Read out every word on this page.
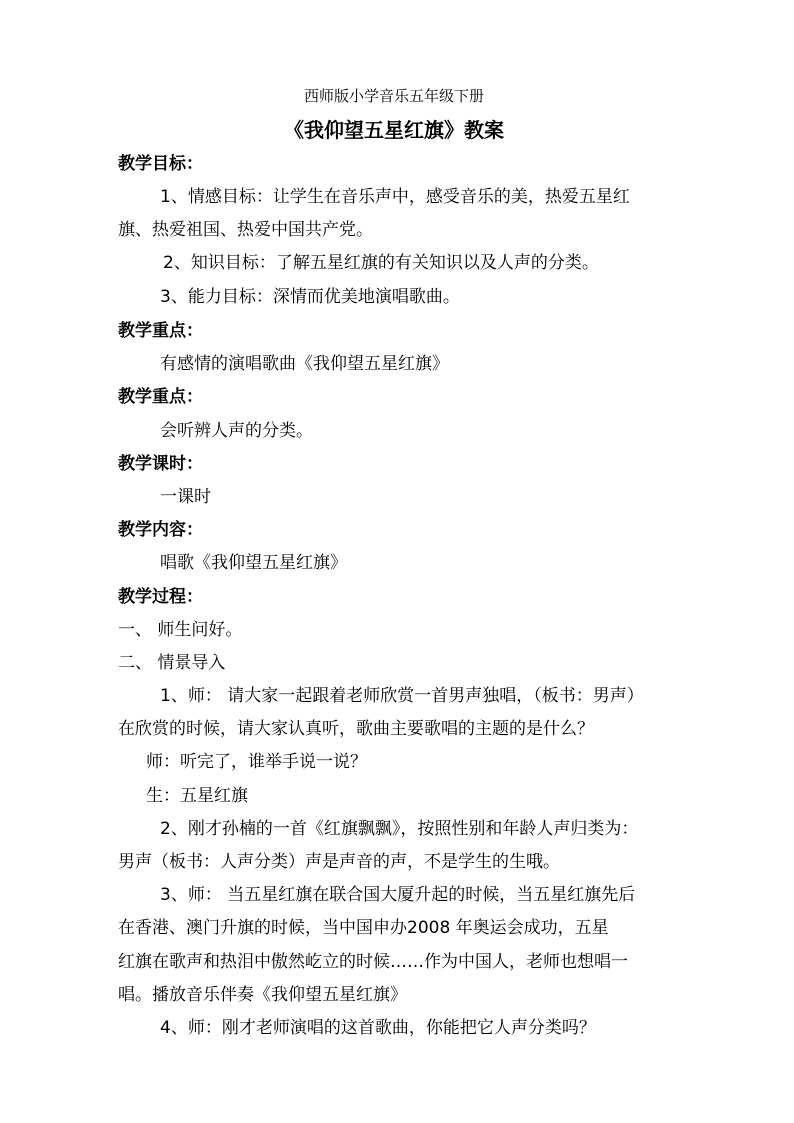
西师版小学音乐五年级下册
《我仰望五星红旗》教案
教学目标：
1、情感目标：让学生在音乐声中，感受音乐的美，热爱五星红
旗、热爱祖国、热爱中国共产党。
2、知识目标：了解五星红旗的有关知识以及人声的分类。
3、能力目标：深情而优美地演唱歌曲。
教学重点：
有感情的演唱歌曲《我仰望五星红旗》
教学重点：
会听辨人声的分类。
教学课时：
一课时
教学内容：
唱歌《我仰望五星红旗》
教学过程：
一、 师生问好。
二、 情景导入
1、师： 请大家一起跟着老师欣赏一首男声独唱，（板书：男声）
在欣赏的时候，请大家认真听，歌曲主要歌唱的主题的是什么？
师：听完了，谁举手说一说？
生：五星红旗
2、刚才孙楠的一首《红旗飘飘》，按照性别和年龄人声归类为：
男声（板书：人声分类）声是声音的声，不是学生的生哦。
3、师： 当五星红旗在联合国大厦升起的时候，当五星红旗先后
在香港、澳门升旗的时候，当中国申办2008 年奥运会成功，五星
红旗在歌声和热泪中傲然屹立的时候……作为中国人，老师也想唱一
唱。播放音乐伴奏《我仰望五星红旗》
4、师：刚才老师演唱的这首歌曲，你能把它人声分类吗？
